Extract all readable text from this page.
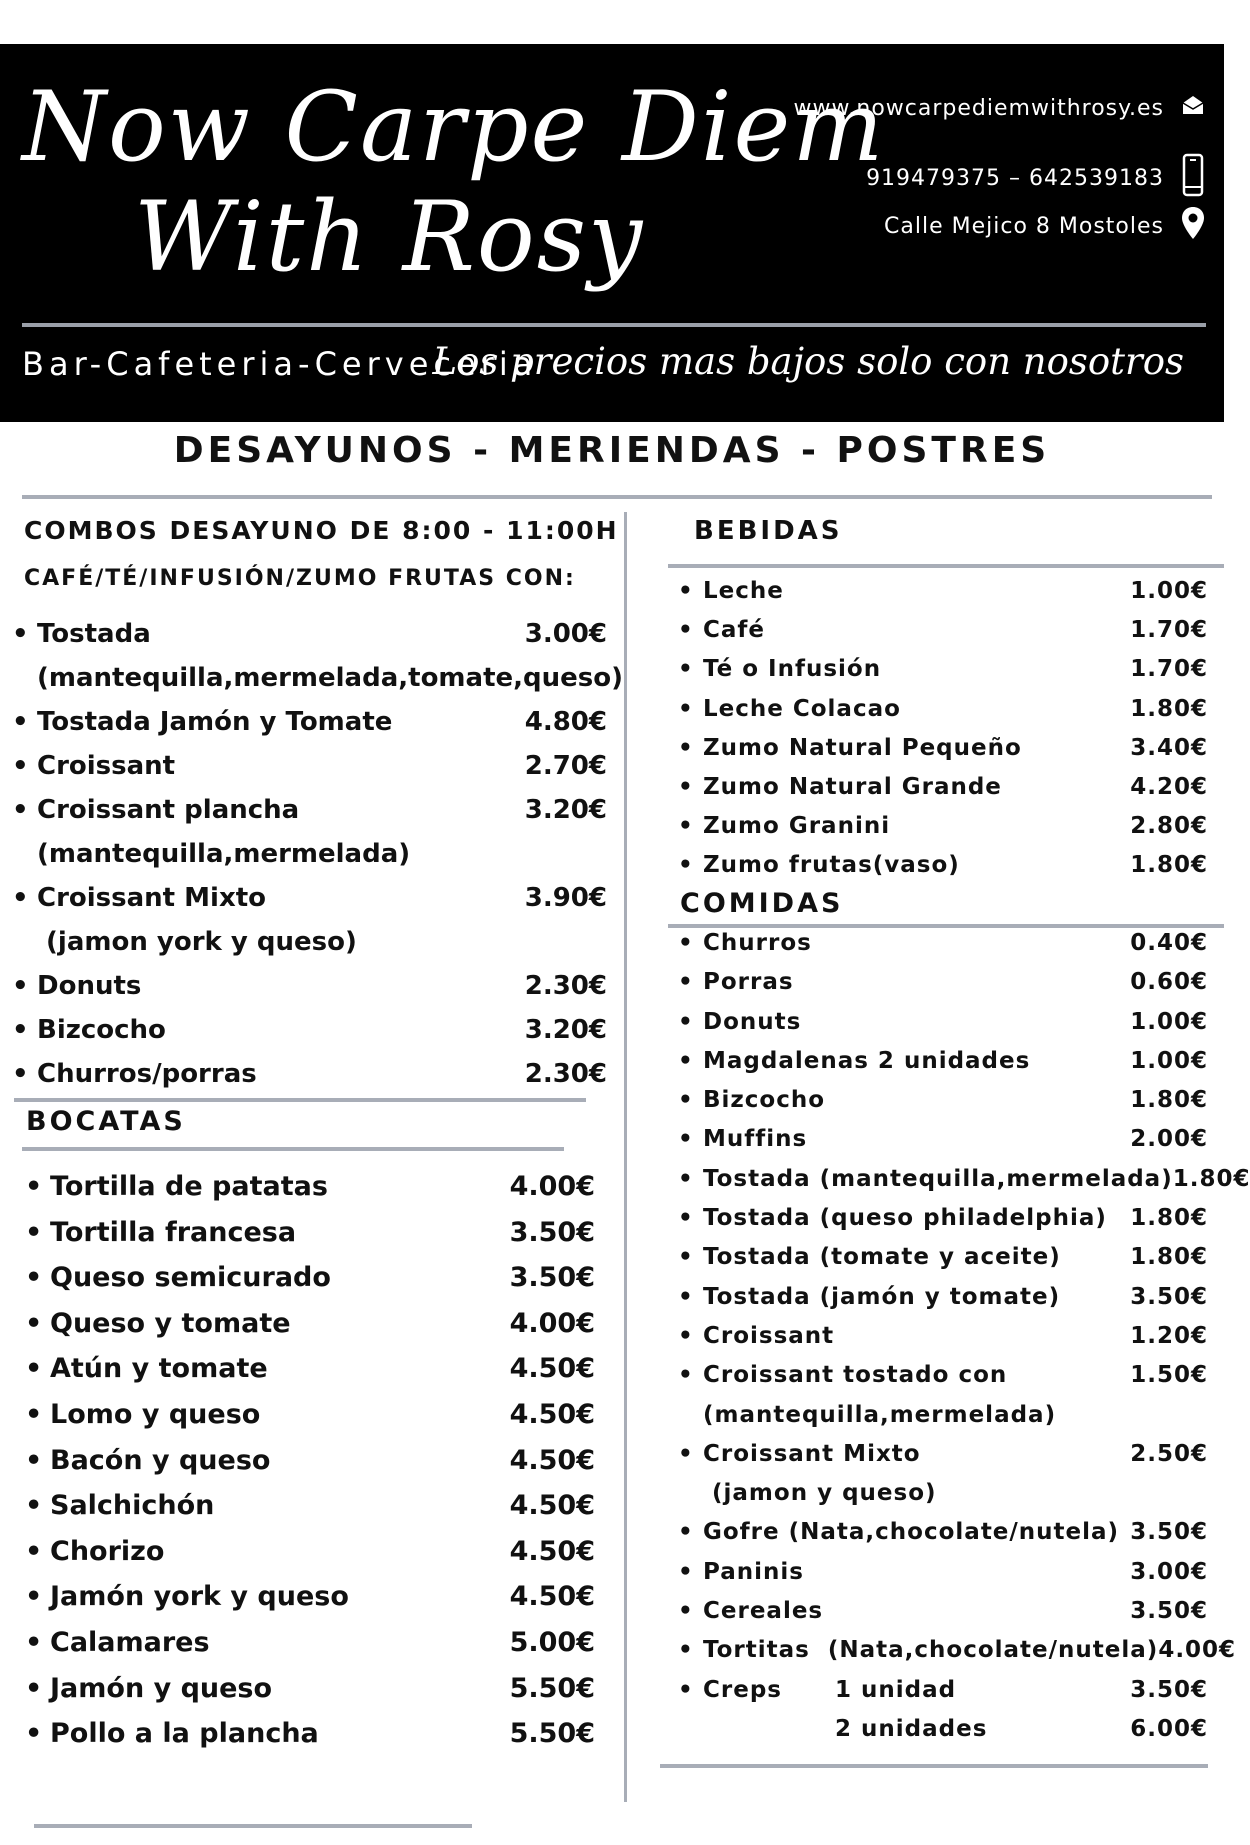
Now Carpe Diem
With Rosy
www.nowcarpediemwithrosy.es
919479375 – 642539183
Calle Mejico 8 Mostoles
Bar-Cafeteria-Cerveceria
Los precios mas bajos solo con nosotros
DESAYUNOS - MERIENDAS - POSTRES
COMBOS DESAYUNO DE 8:00 - 11:00H
CAFÉ/TÉ/INFUSIÓN/ZUMO FRUTAS CON:
• Tostada	3.00€
(mantequilla,mermelada,tomate,queso)
• Tostada Jamón y Tomate	4.80€
• Croissant	2.70€
• Croissant plancha	3.20€
(mantequilla,mermelada)
• Croissant Mixto	3.90€
(jamon york y queso)
• Donuts	2.30€
• Bizcocho	3.20€
• Churros/porras	2.30€
BOCATAS
• Tortilla de patatas	4.00€
• Tortilla francesa	3.50€
• Queso semicurado	3.50€
• Queso y tomate	4.00€
• Atún y tomate	4.50€
• Lomo y queso	4.50€
• Bacón y queso	4.50€
• Salchichón	4.50€
• Chorizo	4.50€
• Jamón york y queso	4.50€
• Calamares	5.00€
• Jamón y queso	5.50€
• Pollo a la plancha	5.50€
BEBIDAS
• Leche	1.00€
• Café	1.70€
• Té o Infusión	1.70€
• Leche Colacao	1.80€
• Zumo Natural Pequeño	3.40€
• Zumo Natural Grande	4.20€
• Zumo Granini	2.80€
• Zumo frutas(vaso)	1.80€
COMIDAS
• Churros	0.40€
• Porras	0.60€
• Donuts	1.00€
• Magdalenas 2 unidades	1.00€
• Bizcocho	1.80€
• Muffins	2.00€
• Tostada (mantequilla,mermelada) 1.80€
• Tostada (queso philadelphia)	1.80€
• Tostada (tomate y aceite)	1.80€
• Tostada (jamón y tomate)	3.50€
• Croissant	1.20€
• Croissant tostado con	1.50€
(mantequilla,mermelada)
• Croissant Mixto	2.50€
(jamon y queso)
• Gofre (Nata,chocolate/nutela) 3.50€
• Paninis	3.00€
• Cereales	3.50€
• Tortitas  (Nata,chocolate/nutela) 4.00€
• Creps 1 unidad	3.50€
2 unidades	6.00€
